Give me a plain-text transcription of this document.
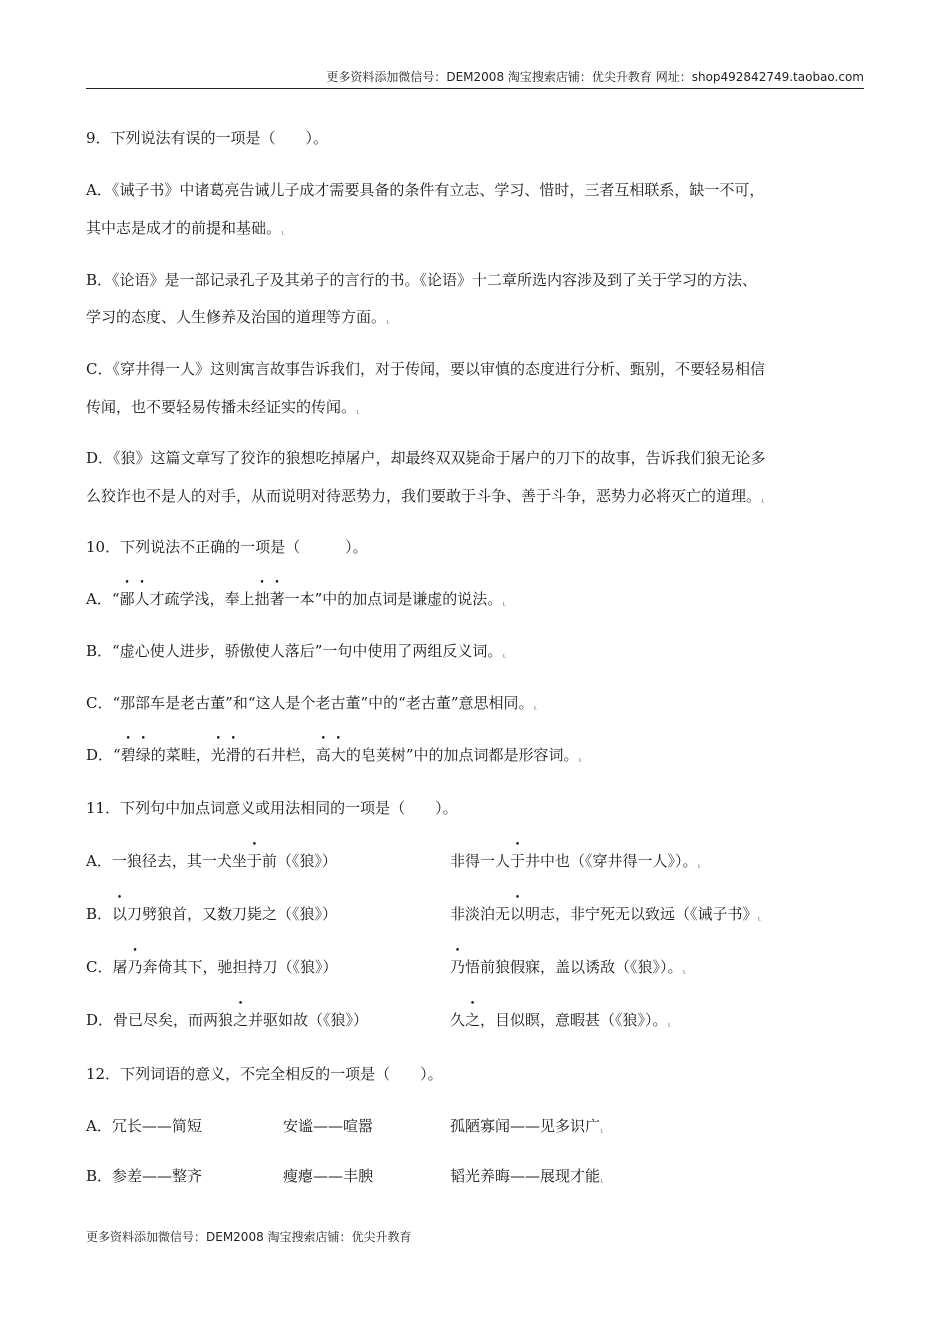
更多资料添加微信号：DEM2008 淘宝搜索店铺：优尖升教育 网址：shop492842749.taobao.com
9．下列说法有误的一项是（　　）。
A．《诫子书》中诸葛亮告诫儿子成才需要具备的条件有立志、学习、惜时，三者互相联系，缺一不可，
其中志是成才的前提和基础。⸤
B．《论语》是一部记录孔子及其弟子的言行的书。《论语》十二章所选内容涉及到了关于学习的方法、
学习的态度、人生修养及治国的道理等方面。⸤
C．《穿井得一人》这则寓言故事告诉我们，对于传闻，要以审慎的态度进行分析、甄别，不要轻易相信
传闻，也不要轻易传播未经证实的传闻。⸤
D．《狼》这篇文章写了狡诈的狼想吃掉屠户，却最终双双毙命于屠户的刀下的故事，告诉我们狼无论多
么狡诈也不是人的对手，从而说明对待恶势力，我们要敢于斗争、善于斗争，恶势力必将灭亡的道理。⸤
10．下列说法不正确的一项是（　　　）。
A．“鄙人才疏学浅，奉上拙著一本”中的加点词是谦虚的说法。⸤
B．“虚心使人进步，骄傲使人落后”一句中使用了两组反义词。⸤
C．“那部车是老古董”和“这人是个老古董”中的“老古董”意思相同。⸤
D．“碧绿的菜畦，光滑的石井栏，高大的皂荚树”中的加点词都是形容词。⸤
11．下列句中加点词意义或用法相同的一项是（　　）。
A．一狼径去，其一犬坐于前（《狼》）	非得一人于井中也（《穿井得一人》）。⸤
B．以刀劈狼首，又数刀毙之（《狼》）	非淡泊无以明志，非宁死无以致远（《诫子书》⸤
C．屠乃奔倚其下，驰担持刀（《狼》）	乃悟前狼假寐，盖以诱敌（《狼》）。⸤
D．骨已尽矣，而两狼之并驱如故（《狼》）	久之，目似瞑，意暇甚（《狼》）。⸤
12．下列词语的意义，不完全相反的一项是（　　）。
A．冗长——简短	安谧——喧嚣	孤陋寡闻——见多识广⸤
B．参差——整齐	瘦瘪——丰腴	韬光养晦——展现才能⸤
更多资料添加微信号：DEM2008 淘宝搜索店铺：优尖升教育
